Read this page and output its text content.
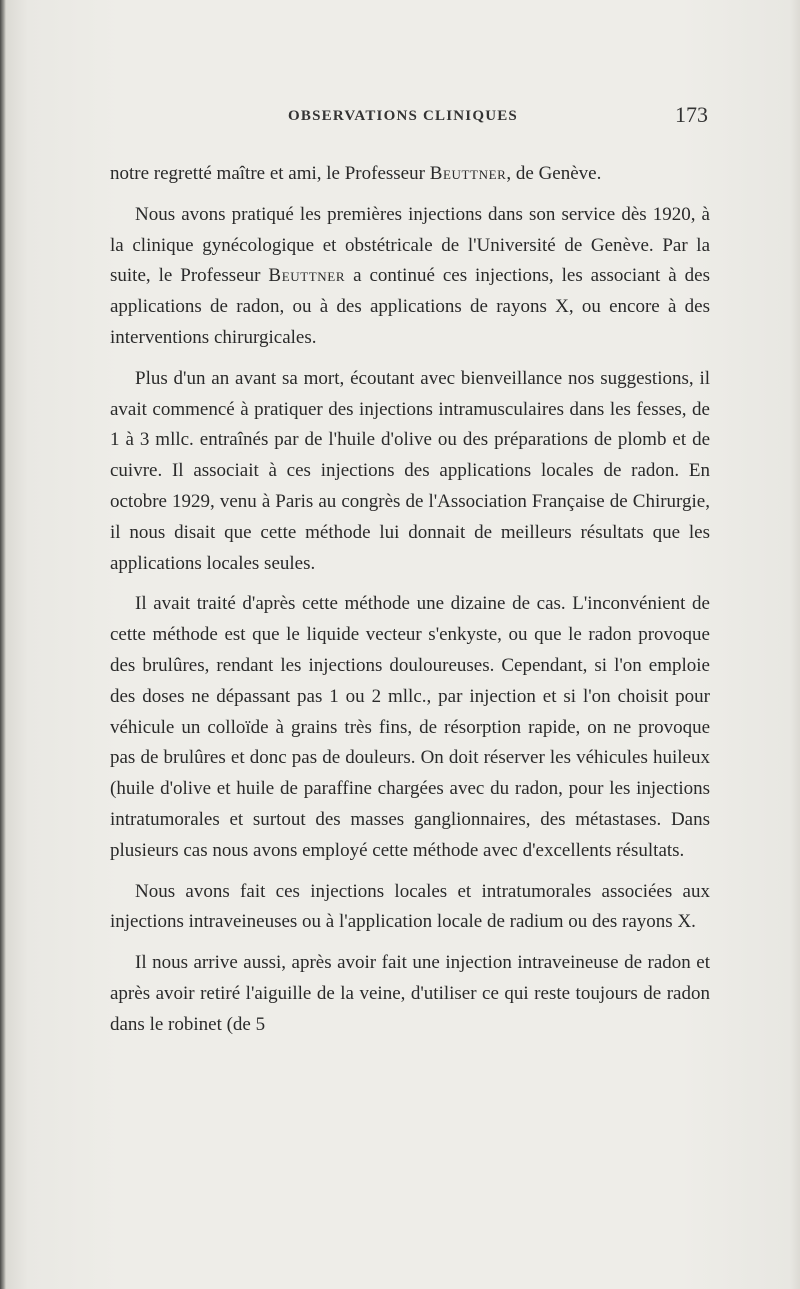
OBSERVATIONS CLINIQUES	173

notre regretté maître et ami, le Professeur Beuttner, de Genève.

Nous avons pratiqué les premières injections dans son service dès 1920, à la clinique gynécologique et obstétricale de l'Université de Genève. Par la suite, le Professeur Beuttner a continué ces injections, les associant à des applications de radon, ou à des applications de rayons X, ou encore à des interventions chirurgicales.

Plus d'un an avant sa mort, écoutant avec bienveillance nos suggestions, il avait commencé à pratiquer des injections intramusculaires dans les fesses, de 1 à 3 mllc. entraînés par de l'huile d'olive ou des préparations de plomb et de cuivre. Il associait à ces injections des applications locales de radon. En octobre 1929, venu à Paris au congrès de l'Association Française de Chirurgie, il nous disait que cette méthode lui donnait de meilleurs résultats que les applications locales seules.

Il avait traité d'après cette méthode une dizaine de cas. L'inconvénient de cette méthode est que le liquide vecteur s'enkyste, ou que le radon provoque des brulûres, rendant les injections douloureuses. Cependant, si l'on emploie des doses ne dépassant pas 1 ou 2 mllc., par injection et si l'on choisit pour véhicule un colloïde à grains très fins, de résorption rapide, on ne provoque pas de brulûres et donc pas de douleurs. On doit réserver les véhicules huileux (huile d'olive et huile de paraffine chargées avec du radon, pour les injections intratumorales et surtout des masses ganglionnaires, des métastases. Dans plusieurs cas nous avons employé cette méthode avec d'excellents résultats.

Nous avons fait ces injections locales et intratumorales associées aux injections intraveineuses ou à l'application locale de radium ou des rayons X.

Il nous arrive aussi, après avoir fait une injection intraveineuse de radon et après avoir retiré l'aiguille de la veine, d'utiliser ce qui reste toujours de radon dans le robinet (de 5
